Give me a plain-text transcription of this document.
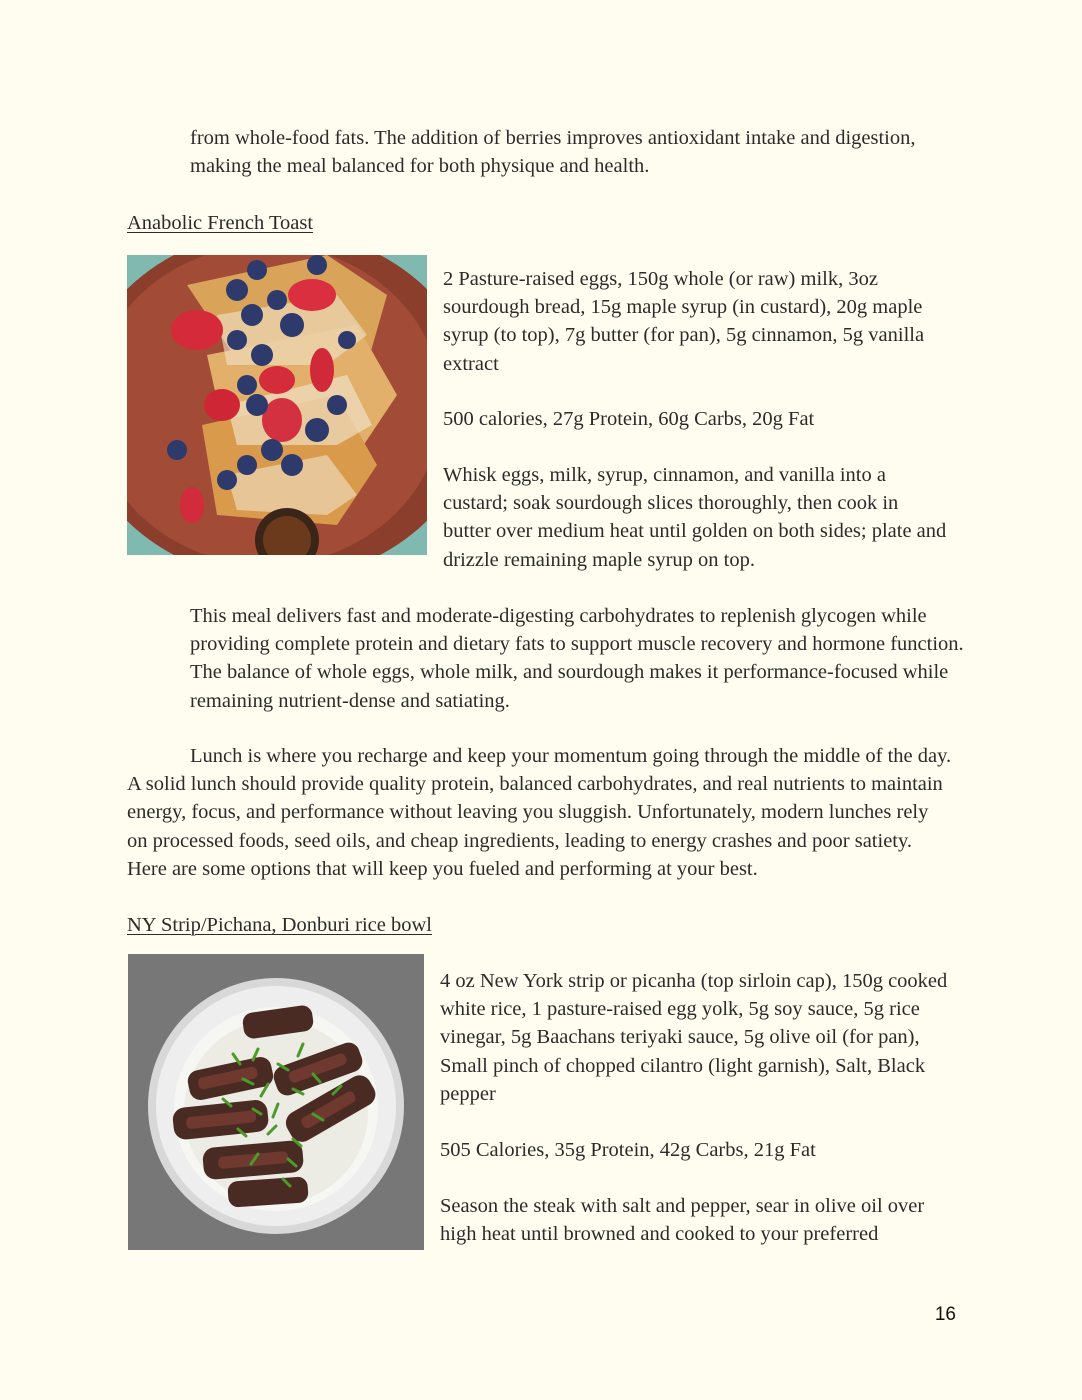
from whole-food fats. The addition of berries improves antioxidant intake and digestion, making the meal balanced for both physique and health.

Anabolic French Toast

2 Pasture-raised eggs, 150g whole (or raw) milk, 3oz sourdough bread, 15g maple syrup (in custard), 20g maple syrup (to top), 7g butter (for pan), 5g cinnamon, 5g vanilla extract

500 calories, 27g Protein, 60g Carbs, 20g Fat

Whisk eggs, milk, syrup, cinnamon, and vanilla into a custard; soak sourdough slices thoroughly, then cook in butter over medium heat until golden on both sides; plate and drizzle remaining maple syrup on top.

This meal delivers fast and moderate-digesting carbohydrates to replenish glycogen while providing complete protein and dietary fats to support muscle recovery and hormone function. The balance of whole eggs, whole milk, and sourdough makes it performance-focused while remaining nutrient-dense and satiating.

Lunch is where you recharge and keep your momentum going through the middle of the day. A solid lunch should provide quality protein, balanced carbohydrates, and real nutrients to maintain energy, focus, and performance without leaving you sluggish. Unfortunately, modern lunches rely on processed foods, seed oils, and cheap ingredients, leading to energy crashes and poor satiety. Here are some options that will keep you fueled and performing at your best.

NY Strip/Pichana, Donburi rice bowl

4 oz New York strip or picanha (top sirloin cap), 150g cooked white rice, 1 pasture-raised egg yolk, 5g soy sauce, 5g rice vinegar, 5g Baachans teriyaki sauce, 5g olive oil (for pan), Small pinch of chopped cilantro (light garnish), Salt, Black pepper

505 Calories, 35g Protein, 42g Carbs, 21g Fat

Season the steak with salt and pepper, sear in olive oil over high heat until browned and cooked to your preferred

16
